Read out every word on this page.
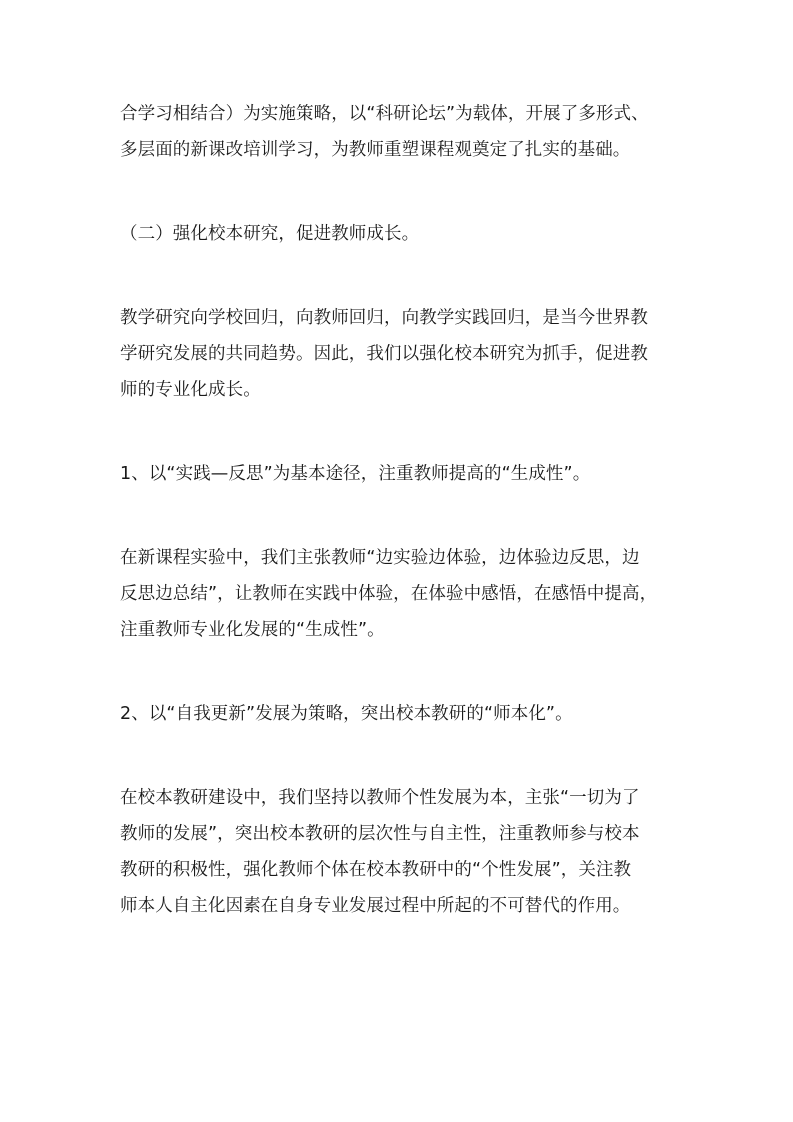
合学习相结合）为实施策略，以“科研论坛”为载体，开展了多形式、
多层面的新课改培训学习，为教师重塑课程观奠定了扎实的基础。
（二）强化校本研究，促进教师成长。
教学研究向学校回归，向教师回归，向教学实践回归，是当今世界教
学研究发展的共同趋势。因此，我们以强化校本研究为抓手，促进教
师的专业化成长。
1、以“实践—反思”为基本途径，注重教师提高的“生成性”。
在新课程实验中，我们主张教师“边实验边体验，边体验边反思，边
反思边总结”，让教师在实践中体验，在体验中感悟，在感悟中提高，
注重教师专业化发展的“生成性”。
2、以“自我更新”发展为策略，突出校本教研的“师本化”。
在校本教研建设中，我们坚持以教师个性发展为本，主张“一切为了
教师的发展”，突出校本教研的层次性与自主性，注重教师参与校本
教研的积极性，强化教师个体在校本教研中的“个性发展”，关注教
师本人自主化因素在自身专业发展过程中所起的不可替代的作用。
